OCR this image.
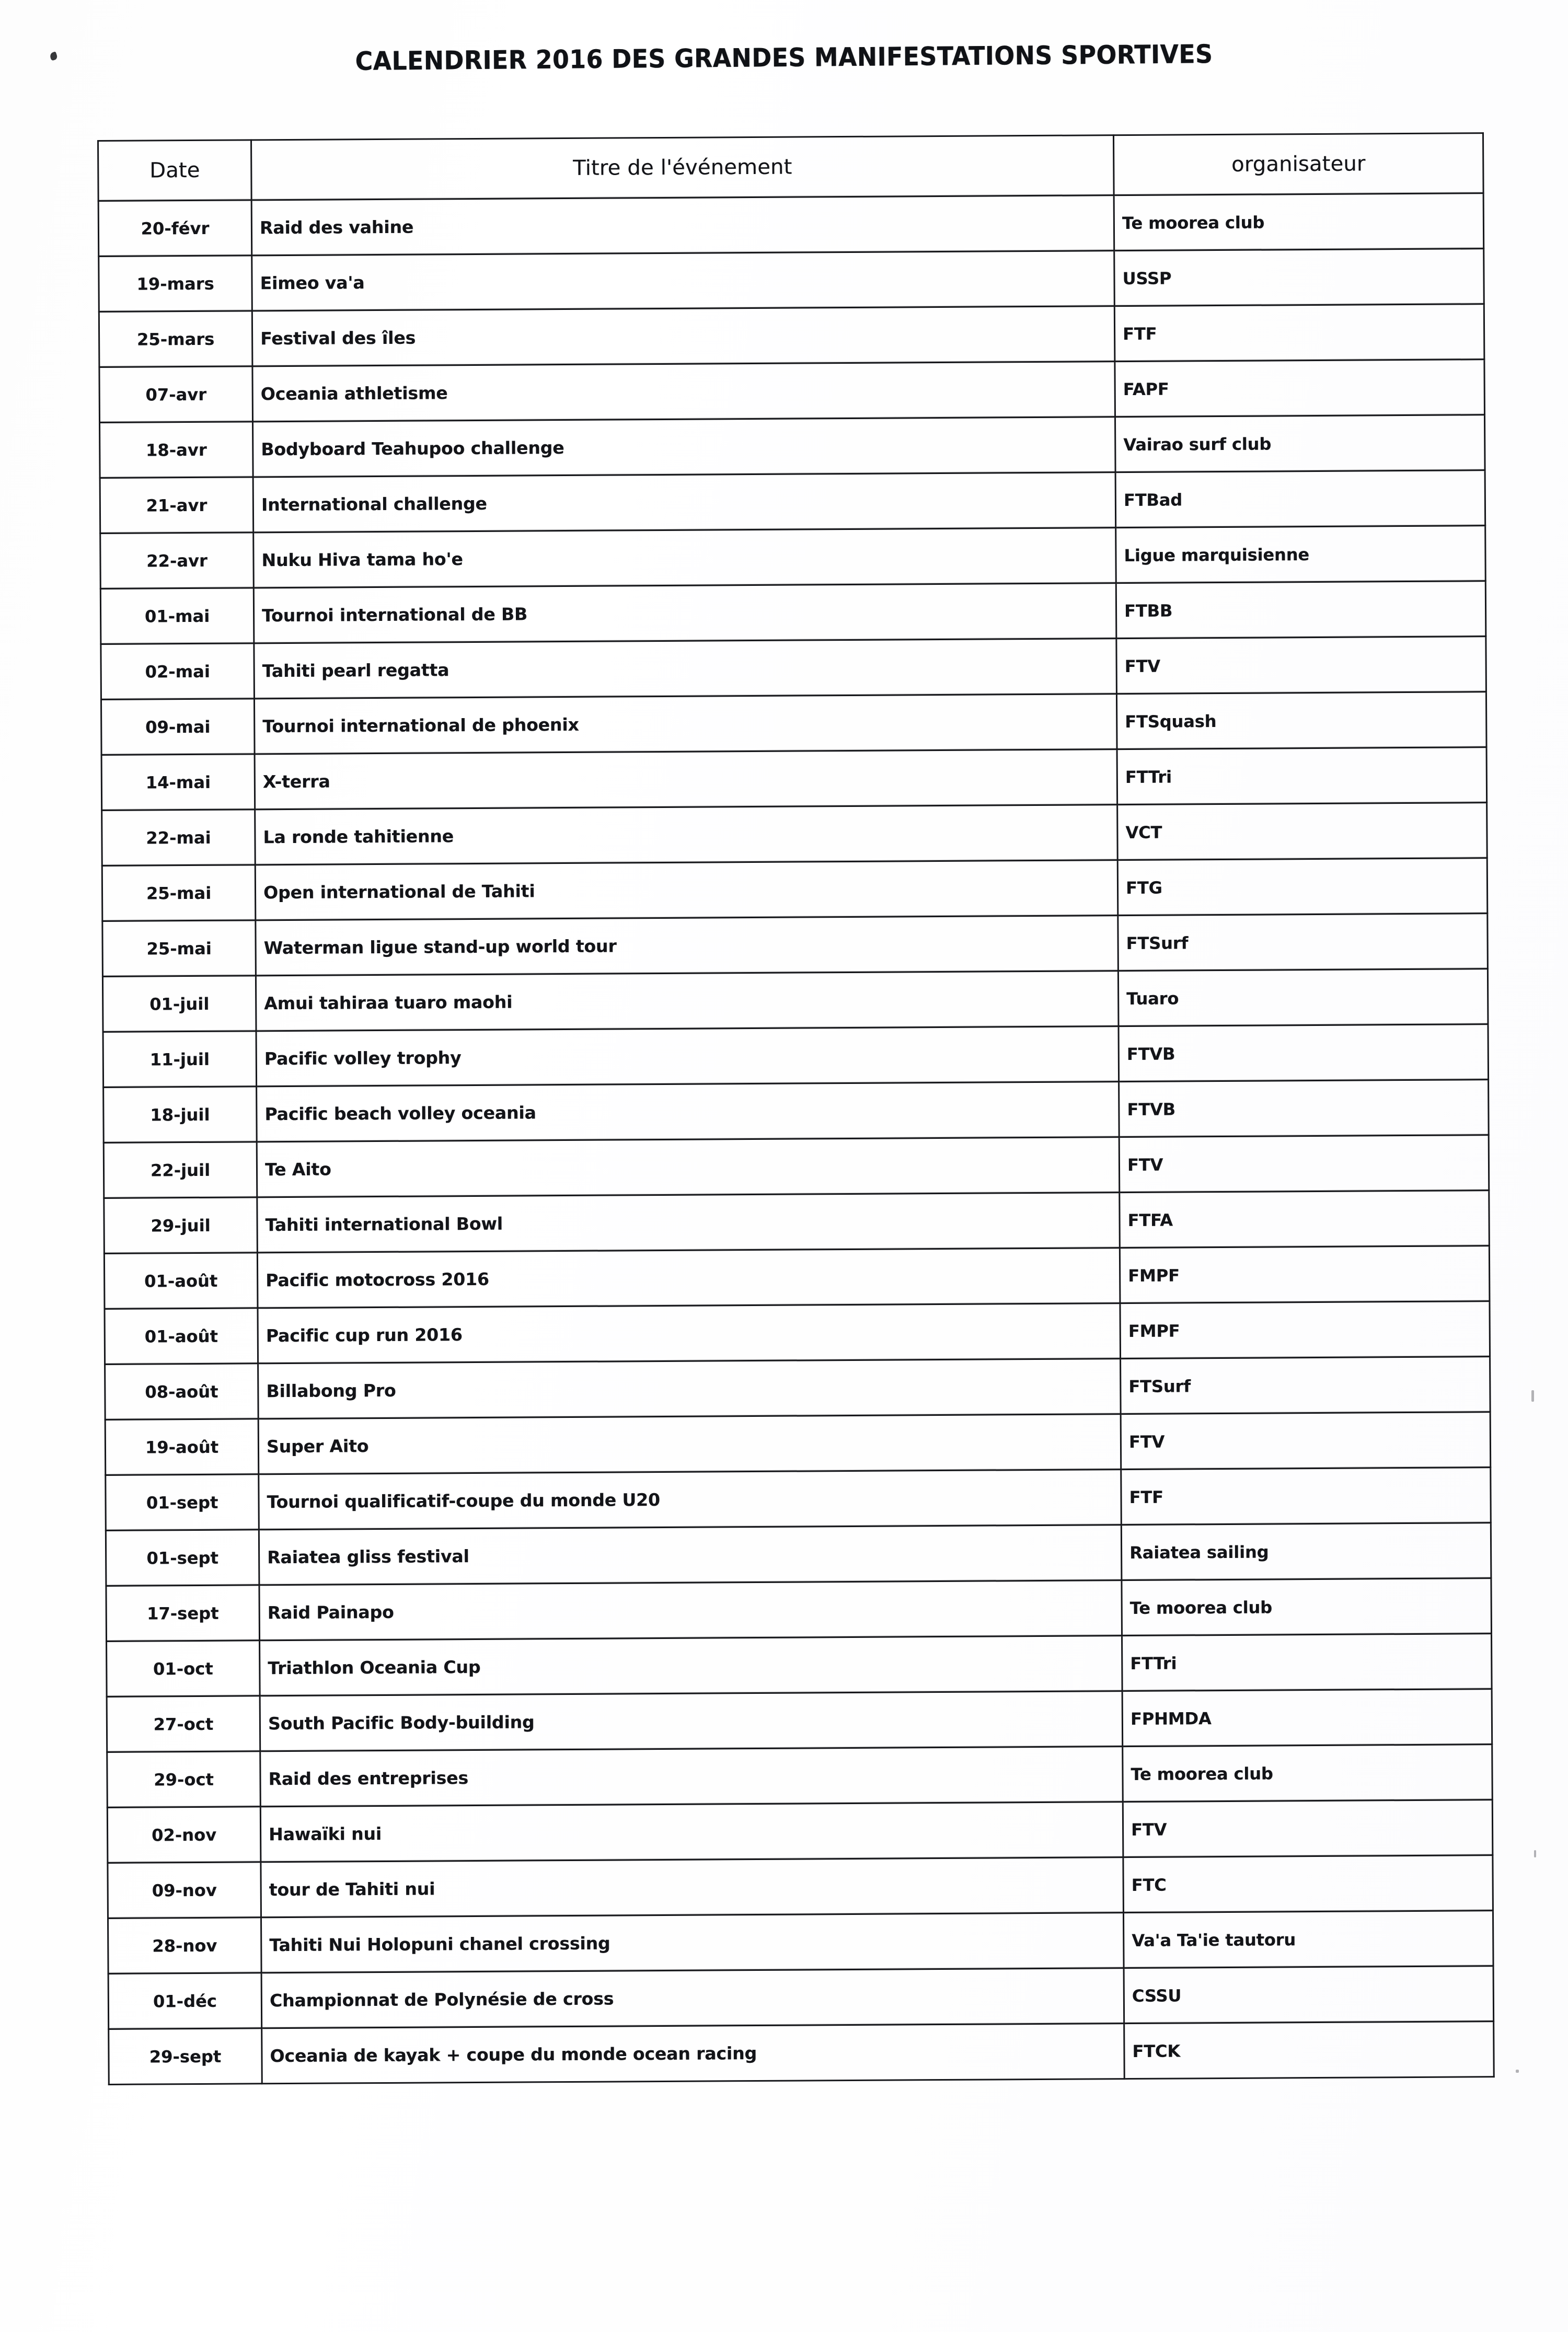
CALENDRIER 2016 DES GRANDES MANIFESTATIONS SPORTIVES
Date	Titre de l'événement	organisateur
20-févr	Raid des vahine	Te moorea club
19-mars	Eimeo va'a	USSP
25-mars	Festival des îles	FTF
07-avr	Oceania athletisme	FAPF
18-avr	Bodyboard Teahupoo challenge	Vairao surf club
21-avr	International challenge	FTBad
22-avr	Nuku Hiva tama ho'e	Ligue marquisienne
01-mai	Tournoi international de BB	FTBB
02-mai	Tahiti pearl regatta	FTV
09-mai	Tournoi international de phoenix	FTSquash
14-mai	X-terra	FTTri
22-mai	La ronde tahitienne	VCT
25-mai	Open international de Tahiti	FTG
25-mai	Waterman ligue stand-up world tour	FTSurf
01-juil	Amui tahiraa tuaro maohi	Tuaro
11-juil	Pacific volley trophy	FTVB
18-juil	Pacific beach volley oceania	FTVB
22-juil	Te Aito	FTV
29-juil	Tahiti international Bowl	FTFA
01-août	Pacific motocross 2016	FMPF
01-août	Pacific cup run 2016	FMPF
08-août	Billabong Pro	FTSurf
19-août	Super Aito	FTV
01-sept	Tournoi qualificatif-coupe du monde U20	FTF
01-sept	Raiatea gliss festival	Raiatea sailing
17-sept	Raid Painapo	Te moorea club
01-oct	Triathlon Oceania Cup	FTTri
27-oct	South Pacific Body-building	FPHMDA
29-oct	Raid des entreprises	Te moorea club
02-nov	Hawaïki nui	FTV
09-nov	tour de Tahiti nui	FTC
28-nov	Tahiti Nui Holopuni chanel crossing	Va'a Ta'ie tautoru
01-déc	Championnat de Polynésie de cross	CSSU
29-sept	Oceania de kayak + coupe du monde ocean racing	FTCK
